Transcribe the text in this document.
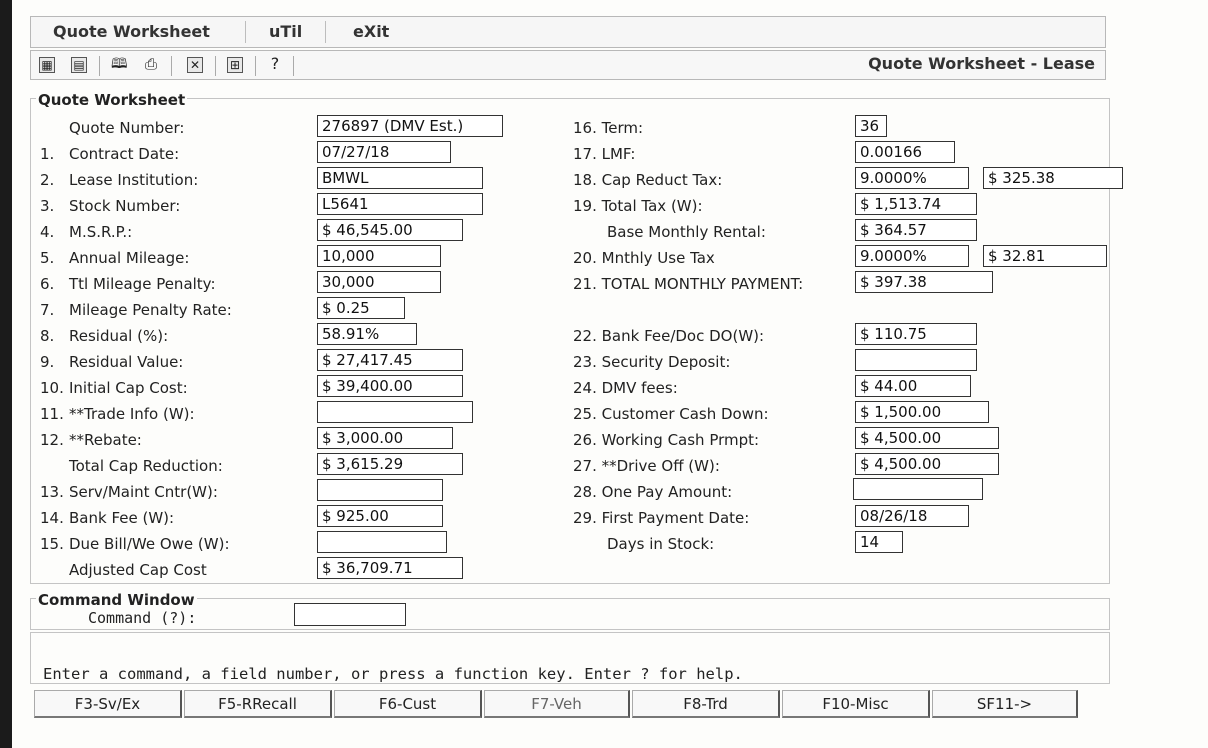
Quote Worksheet	uTil	eXit
▦ ▤ 🕮 ⎙	✕ ⊞ ?	Quote Worksheet - Lease
Quote Worksheet
Quote Number:	276897 (DMV Est.)
1. Contract Date:	07/27/18
2. Lease Institution:	BMWL
3. Stock Number:	L5641
4. M.S.R.P.:	$ 46,545.00
5. Annual Mileage:	10,000
6. Ttl Mileage Penalty:	30,000
7. Mileage Penalty Rate:	$ 0.25
8. Residual (%):	58.91%
9. Residual Value:	$ 27,417.45
10. Initial Cap Cost:	$ 39,400.00
11. **Trade Info (W):
12. **Rebate:	$ 3,000.00
Total Cap Reduction:	$ 3,615.29
13. Serv/Maint Cntr(W):
14. Bank Fee (W):	$ 925.00
15. Due Bill/We Owe (W):
Adjusted Cap Cost	$ 36,709.71
16. Term:	36
17. LMF:	0.00166
18. Cap Reduct Tax:	9.0000%	$ 325.38
19. Total Tax (W):	$ 1,513.74
Base Monthly Rental:	$ 364.57
20. Mnthly Use Tax	9.0000%	$ 32.81
21. TOTAL MONTHLY PAYMENT:	$ 397.38
22. Bank Fee/Doc DO(W):	$ 110.75
23. Security Deposit:
24. DMV fees:	$ 44.00
25. Customer Cash Down:	$ 1,500.00
26. Working Cash Prmpt:	$ 4,500.00
27. **Drive Off (W):	$ 4,500.00
28. One Pay Amount:
29. First Payment Date:	08/26/18
Days in Stock:	14
Command Window
Command (?):
Enter a command, a field number, or press a function key. Enter ? for help.
F3-Sv/Ex	F5-RRecall	F6-Cust	F7-Veh	F8-Trd	F10-Misc	SF11->
